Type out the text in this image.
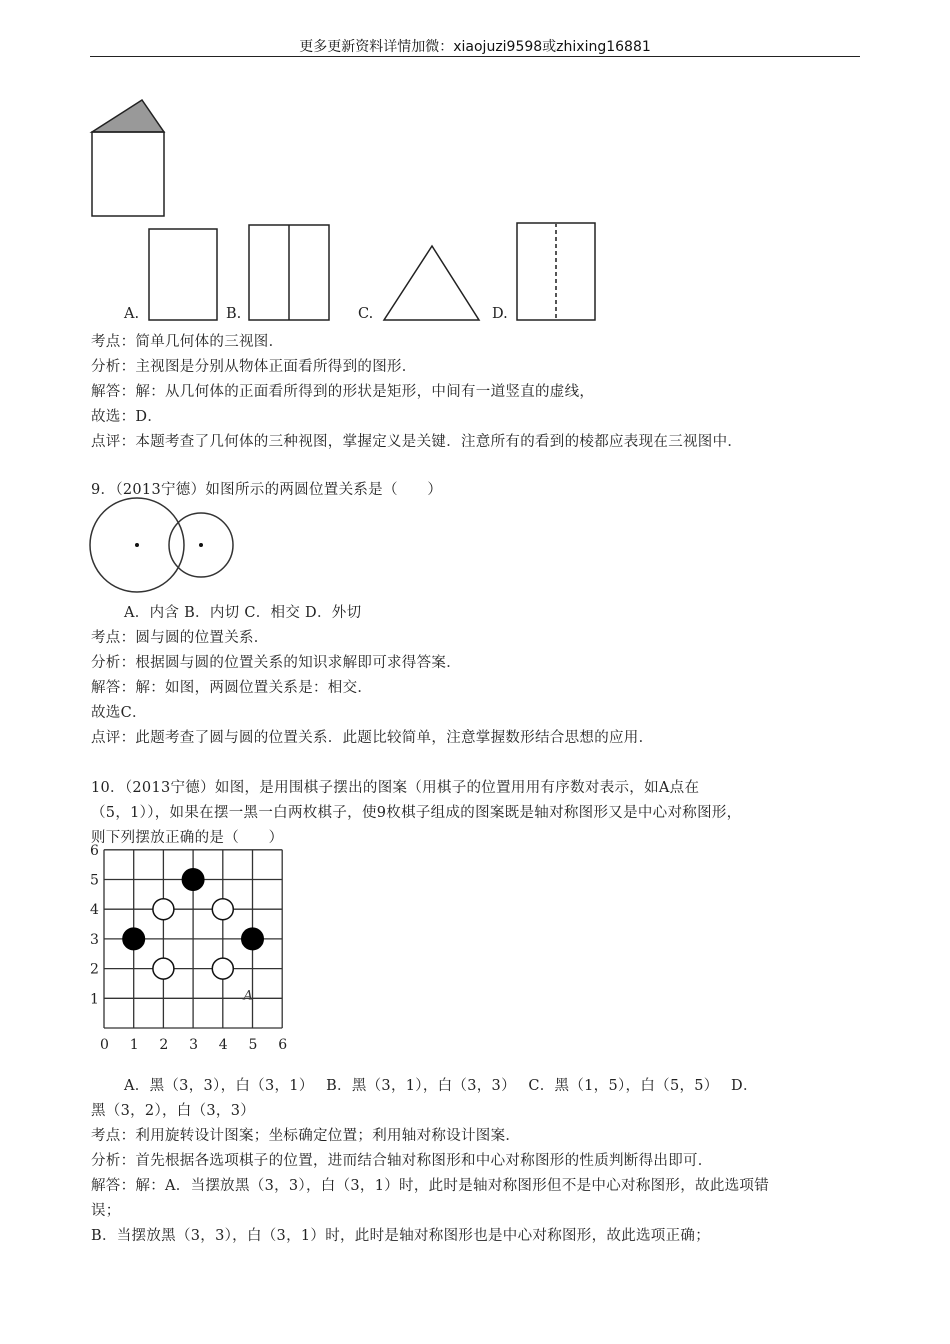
更多更新资料详情加微：xiaojuzi9598或zhixing16881
A.	B.	C.	D.
考点：简单几何体的三视图．
分析：主视图是分别从物体正面看所得到的图形．
解答：解：从几何体的正面看所得到的形状是矩形，中间有一道竖直的虚线，
故选：D．
点评：本题考查了几何体的三种视图，掌握定义是关键．注意所有的看到的棱都应表现在三视图中．
9．（2013宁德）如图所示的两圆位置关系是（　　）
A．内含 B．内切 C．相交 D．外切
考点：圆与圆的位置关系．
分析：根据圆与圆的位置关系的知识求解即可求得答案．
解答：解：如图，两圆位置关系是：相交．
故选C．
点评：此题考查了圆与圆的位置关系．此题比较简单，注意掌握数形结合思想的应用．
10．（2013宁德）如图，是用围棋子摆出的图案（用棋子的位置用用有序数对表示，如A点在
（5，1）），如果在摆一黑一白两枚棋子，使9枚棋子组成的图案既是轴对称图形又是中心对称图形，
则下列摆放正确的是（　　）
0 1 2 3 4 5 6
1
2
3
4
5
6
A
A．黑（3，3），白（3，1）　 B．黑（3，1），白（3，3）　 C．黑（1，5），白（5，5）　 D．
黑（3，2），白（3，3）
考点：利用旋转设计图案；坐标确定位置；利用轴对称设计图案．
分析：首先根据各选项棋子的位置，进而结合轴对称图形和中心对称图形的性质判断得出即可．
解答：解：A．当摆放黑（3，3），白（3，1）时，此时是轴对称图形但不是中心对称图形，故此选项错
误；
B．当摆放黑（3，3），白（3，1）时，此时是轴对称图形也是中心对称图形，故此选项正确；
